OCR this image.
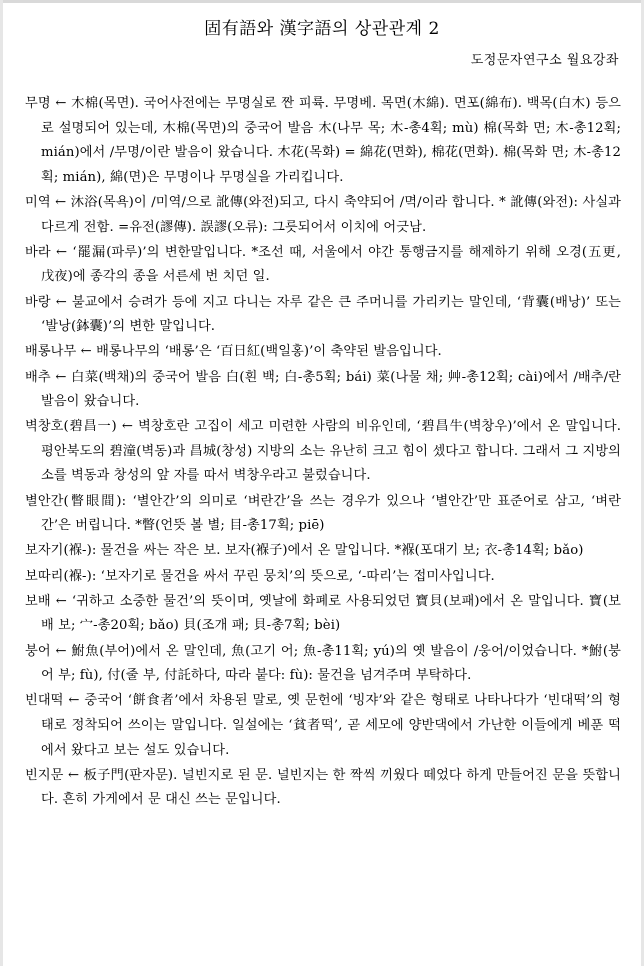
固有語와 漢字語의 상관관계 2
도정문자연구소 월요강좌

무명 ← 木棉(목면). 국어사전에는 무명실로 짠 피륙. 무명베. 목면(木綿). 면포(綿布). 백목(白木) 등으로 설명되어 있는데, 木棉(목면)의 중국어 발음 木(나무 목; 木-총4획; mù) 棉(목화 면; 木-총12획; mián)에서 /무명/이란 발음이 왔습니다. 木花(목화) = 綿花(면화), 棉花(면화). 棉(목화 면; 木-총12획; mián), 綿(면)은 무명이나 무명실을 가리킵니다.

미역 ← 沐浴(목욕)이 /미역/으로 訛傳(와전)되고, 다시 축약되어 /멱/이라 합니다. * 訛傳(와전): 사실과 다르게 전함. =유전(謬傳). 誤謬(오류): 그릇되어서 이치에 어긋남.

바라 ← ‘罷漏(파루)’의 변한말입니다. *조선 때, 서울에서 야간 통행금지를 해제하기 위해 오경(五更, 戊夜)에 종각의 종을 서른세 번 치던 일.

바랑 ← 불교에서 승려가 등에 지고 다니는 자루 같은 큰 주머니를 가리키는 말인데, ‘背囊(배낭)’ 또는 ‘발낭(鉢囊)’의 변한 말입니다.

배롱나무 ← 배롱나무의 ‘배롱’은 ‘百日紅(백일홍)’이 축약된 발음입니다.

배추 ← 白菜(백채)의 중국어 발음 白(흰 백; 白-총5획; bái) 菜(나물 채; 艸-총12획; cài)에서 /배추/란 발음이 왔습니다.

벽창호(碧昌一) ← 벽창호란 고집이 세고 미련한 사람의 비유인데, ‘碧昌牛(벽창우)’에서 온 말입니다. 평안북도의 碧潼(벽동)과 昌城(창성) 지방의 소는 유난히 크고 힘이 셌다고 합니다. 그래서 그 지방의 소를 벽동과 창성의 앞 자를 따서 벽창우라고 불렀습니다.

별안간(瞥眼間): ‘별안간’의 의미로 ‘벼란간’을 쓰는 경우가 있으나 ‘별안간’만 표준어로 삼고, ‘벼란간’은 버립니다. *瞥(언뜻 볼 별; 目-총17획; piē)

보자기(褓-): 물건을 싸는 작은 보. 보자(褓子)에서 온 말입니다. *褓(포대기 보; 衣-총14획; bǎo)

보따리(褓-): ‘보자기로 물건을 싸서 꾸린 뭉치’의 뜻으로, ‘-따리’는 접미사입니다.

보배 ← ‘귀하고 소중한 물건’의 뜻이며, 옛날에 화폐로 사용되었던 寶貝(보패)에서 온 말입니다. 寶(보배 보; 宀-총20획; bǎo) 貝(조개 패; 貝-총7획; bèi)

붕어 ← 鮒魚(부어)에서 온 말인데, 魚(고기 어; 魚-총11획; yú)의 옛 발음이 /웅어/이었습니다. *鮒(붕어 부; fù), 付(줄 부, 付託하다, 따라 붙다: fù): 물건을 넘겨주며 부탁하다.

빈대떡 ← 중국어 ‘餅食者’에서 차용된 말로, 옛 문헌에 ‘빙쟈’와 같은 형태로 나타나다가 ‘빈대떡’의 형태로 정착되어 쓰이는 말입니다. 일설에는 ‘貧者떡’, 곧 세모에 양반댁에서 가난한 이들에게 베푼 떡에서 왔다고 보는 설도 있습니다.

빈지문 ← 板子門(판자문). 널빈지로 된 문. 널빈지는 한 짝씩 끼웠다 떼었다 하게 만들어진 문을 뜻합니다. 흔히 가게에서 문 대신 쓰는 문입니다.
